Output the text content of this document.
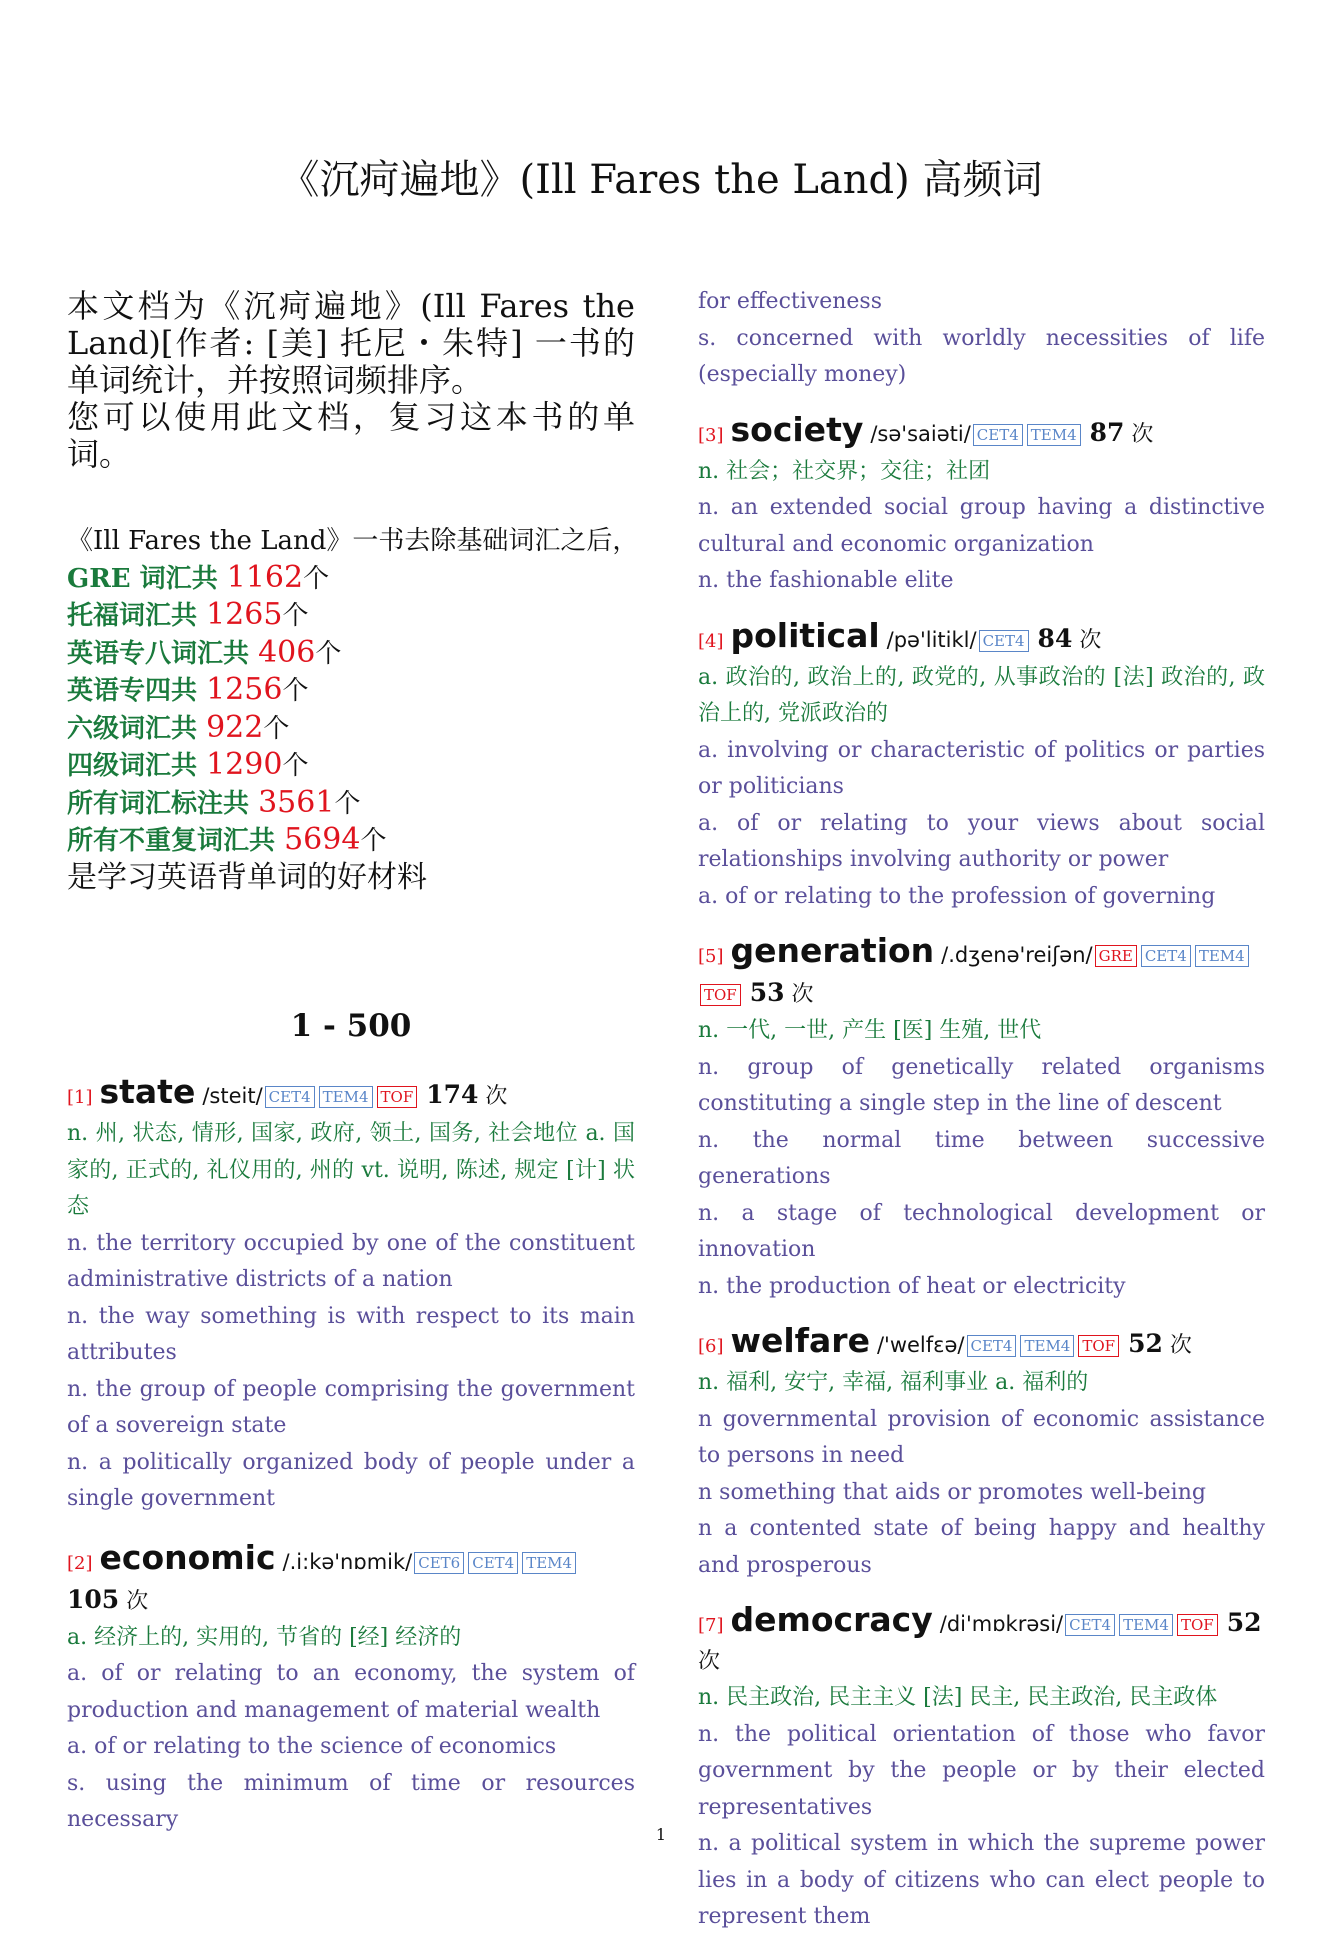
《沉疴遍地》(Ill Fares the Land) 高频词

本文档为《沉疴遍地》(Ill Fares the Land)[作者: [美] 托尼・朱特] 一书的单词统计，并按照词频排序。

您可以使用此文档，复习这本书的单词。

《Ill Fares the Land》一书去除基础词汇之后，
GRE 词汇共 1162个
托福词汇共 1265个
英语专八词汇共 406个
英语专四共 1256个
六级词汇共 922个
四级词汇共 1290个
所有词汇标注共 3561个
所有不重复词汇共 5694个
是学习英语背单词的好材料
1 - 500
[1] state /steit/ CET4 TEM4 TOF 174 次

n. 州, 状态, 情形, 国家, 政府, 领土, 国务, 社会地位 a. 国家的, 正式的, 礼仪用的, 州的 vt. 说明, 陈述, 规定 [计] 状态

n. the territory occupied by one of the constituent administrative districts of a nation

n. the way something is with respect to its main attributes

n. the group of people comprising the government of a sovereign state

n. a politically organized body of people under a single government

[2] economic /.i:kə'nɒmik/ CET6 CET4 TEM4 105 次

a. 经济上的, 实用的, 节省的 [经] 经济的

a. of or relating to an economy, the system of production and management of material wealth

a. of or relating to the science of economics

s. using the minimum of time or resources necessary

for effectiveness

s. concerned with worldly necessities of life (especially money)

[3] society /sə'saiəti/ CET4 TEM4 87 次

n. 社会；社交界；交往；社团

n. an extended social group having a distinctive cultural and economic organization

n. the fashionable elite

[4] political /pə'litikl/ CET4 84 次

a. 政治的, 政治上的, 政党的, 从事政治的 [法] 政治的, 政治上的, 党派政治的

a. involving or characteristic of politics or parties or politicians

a. of or relating to your views about social relationships involving authority or power

a. of or relating to the profession of governing

[5] generation /.dʒenə'reiʃən/ GRE CET4 TEM4TOF 53 次

n. 一代, 一世, 产生 [医] 生殖, 世代

n. group of genetically related organisms constituting a single step in the line of descent

n. the normal time between successive generations

n. a stage of technological development or innovation

n. the production of heat or electricity

[6] welfare /'welfɛə/ CET4 TEM4 TOF 52 次

n. 福利, 安宁, 幸福, 福利事业 a. 福利的

n governmental provision of economic assistance to persons in need

n something that aids or promotes well-being

n a contented state of being happy and healthy and prosperous

[7] democracy /di'mɒkrəsi/ CET4 TEM4 TOF 52 次

n. 民主政治, 民主主义 [法] 民主, 民主政治, 民主政体

n. the political orientation of those who favor government by the people or by their elected representatives

n. a political system in which the supreme power lies in a body of citizens who can elect people to represent them

1
